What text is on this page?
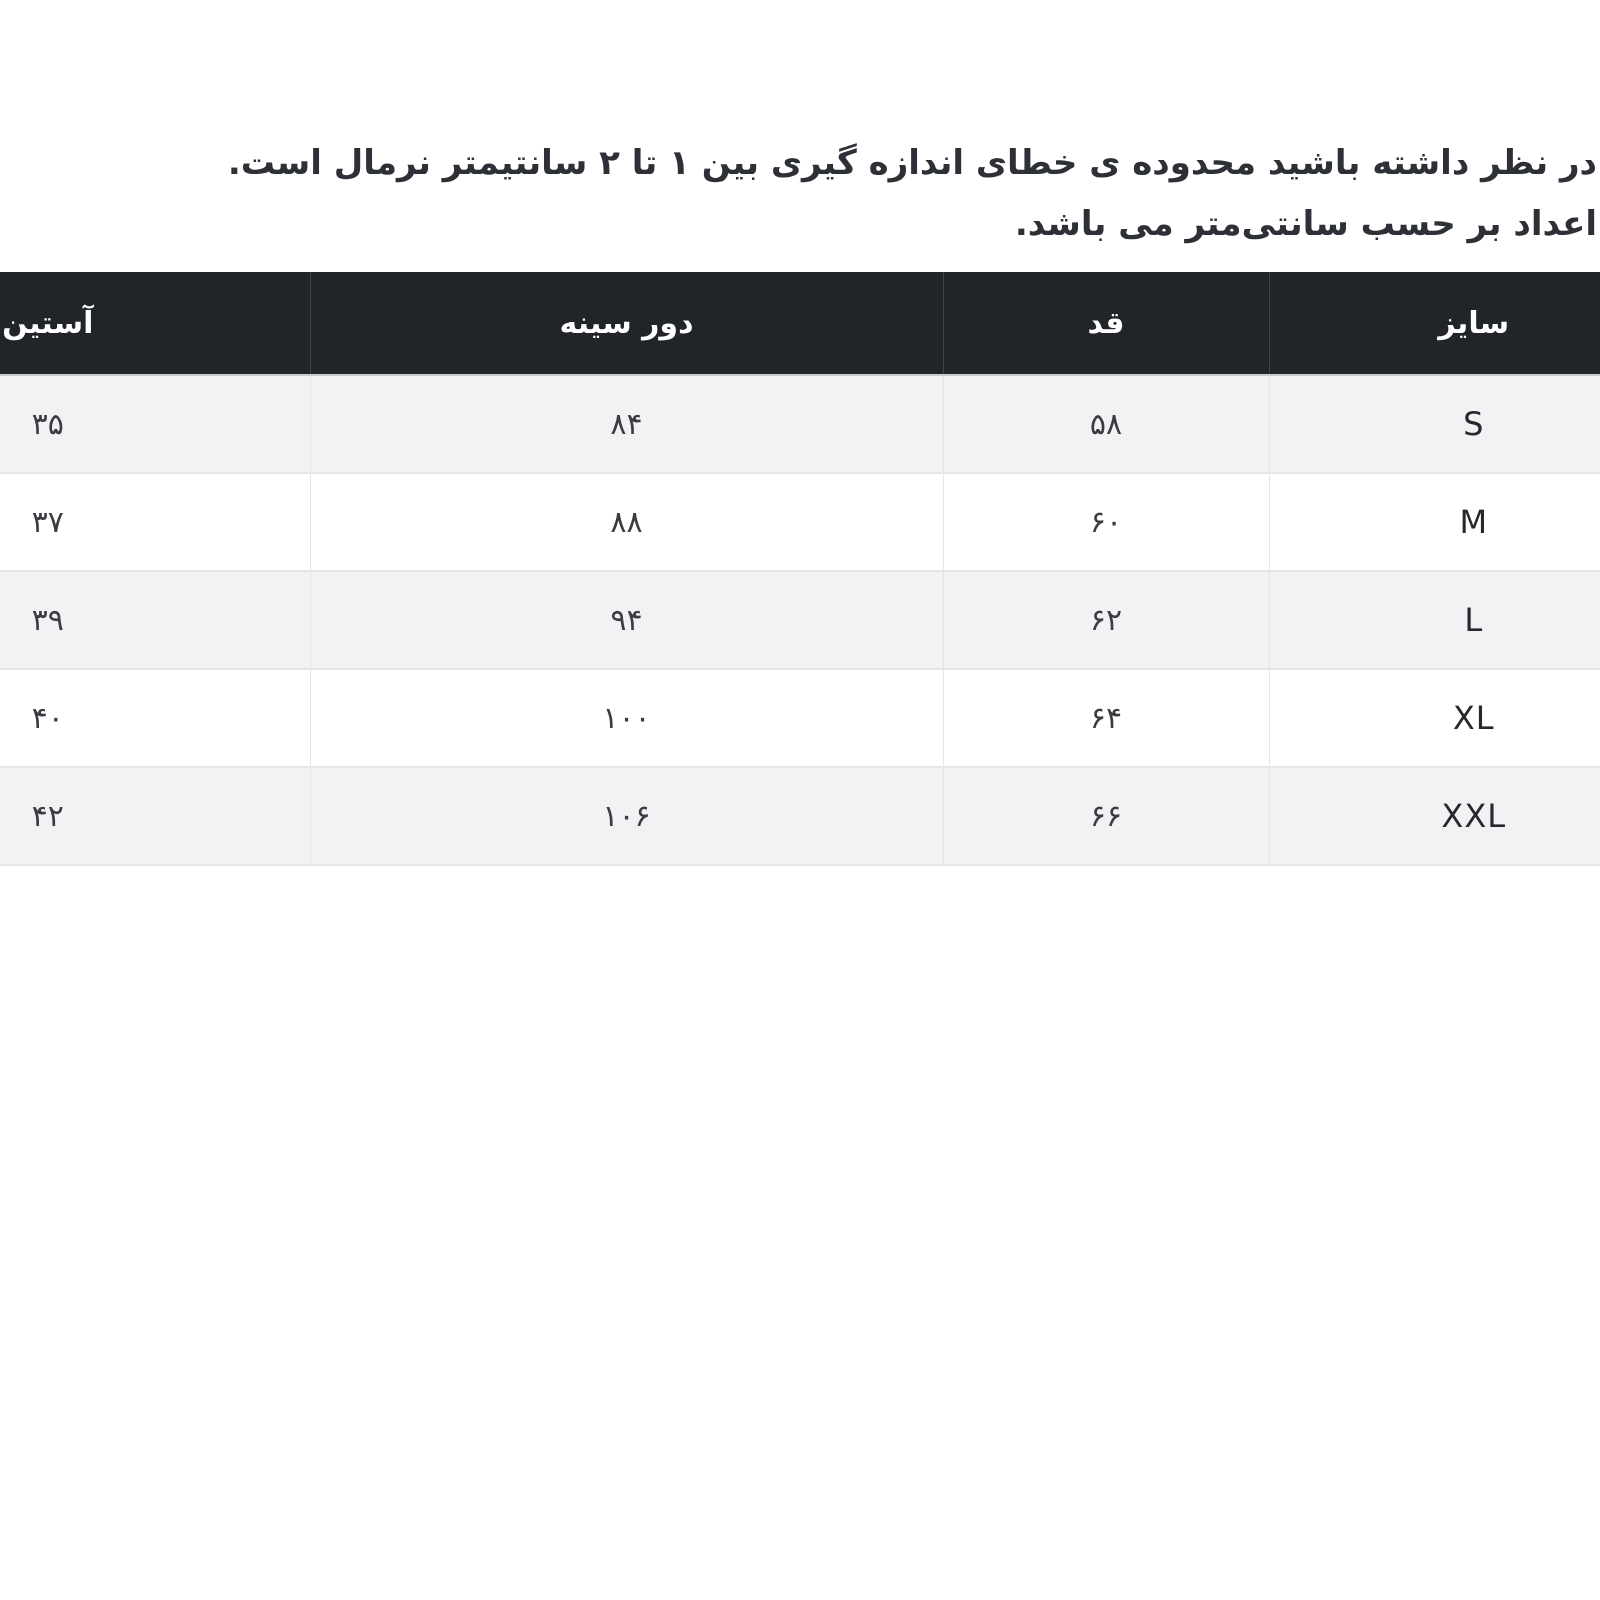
در نظر داشته باشید محدوده ی خطای اندازه گیری بین ۱ تا ۲ سانتیمتر نرمال است.
اعداد بر حسب سانتی‌متر می باشد.
سایز	قد	دور سینه	آستین
S	۵۸	۸۴	۳۵
M	۶۰	۸۸	۳۷
L	۶۲	۹۴	۳۹
XL	۶۴	۱۰۰	۴۰
XXL	۶۶	۱۰۶	۴۲
